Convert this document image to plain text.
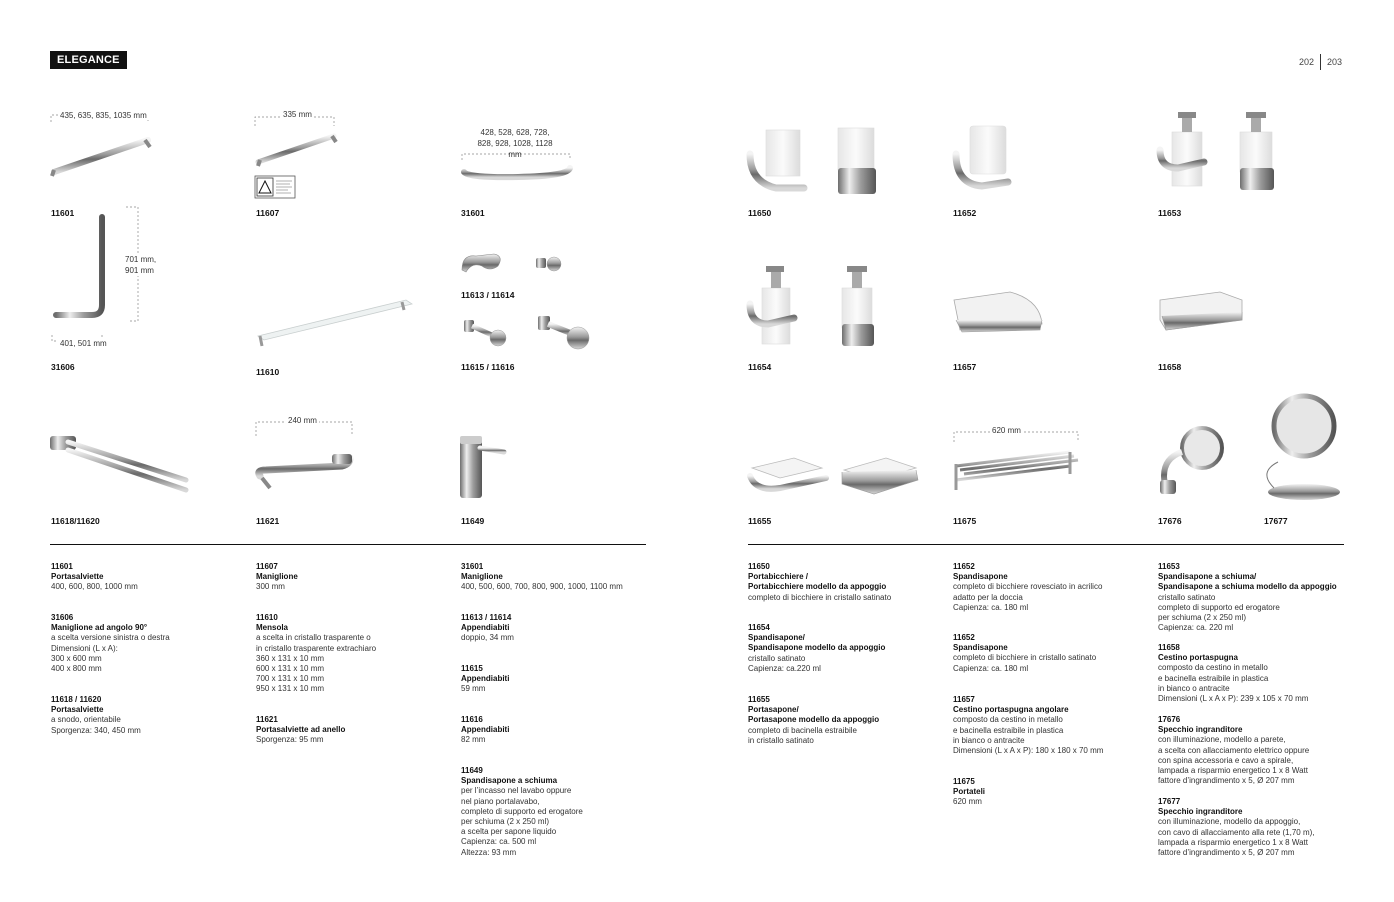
ELEGANCE	202 203
435, 635, 835, 1035 mm
11601
335 mm
11607
428, 528, 628, 728,
828, 928, 1028, 1128 mm
31601
701 mm,
901 mm
401, 501 mm
31606	11610
11613 / 11614
11615 / 11616
11618/11620
240 mm
11621	11649
11650	11652	11653
11654	11657	11658
11655
620 mm
11675	17676	17677
11601
Portasalviette
400, 600, 800, 1000 mm
31606
Maniglione ad angolo 90°
a scelta versione sinistra o destra
Dimensioni (L x A):
300 x 600 mm
400 x 800 mm
11618 / 11620
Portasalviette
a snodo, orientabile
Sporgenza: 340, 450 mm
11607
Maniglione
300 mm
11610
Mensola
a scelta in cristallo trasparente o
in cristallo trasparente extrachiaro
360 x 131 x 10 mm
600 x 131 x 10 mm
700 x 131 x 10 mm
950 x 131 x 10 mm
11621
Portasalviette ad anello
Sporgenza: 95 mm
31601
Maniglione
400, 500, 600, 700, 800, 900, 1000, 1100 mm
11613 / 11614
Appendiabiti
doppio, 34 mm
11615
Appendiabiti
59 mm
11616
Appendiabiti
82 mm
11649
Spandisapone a schiuma
per l’incasso nel lavabo oppure
nel piano portalavabo,
completo di supporto ed erogatore
per schiuma (2 x 250 ml)
a scelta per sapone liquido
Capienza: ca. 500 ml
Altezza: 93 mm
11650
Portabicchiere /
Portabicchiere modello da appoggio
completo di bicchiere in cristallo satinato
11654
Spandisapone/
Spandisapone modello da appoggio
cristallo satinato
Capienza: ca.220 ml
11655
Portasapone/
Portasapone modello da appoggio
completo di bacinella estraibile
in cristallo satinato
11652
Spandisapone
completo di bicchiere rovesciato in acrilico
adatto per la doccia
Capienza: ca. 180 ml
11652
Spandisapone
completo di bicchiere in cristallo satinato
Capienza: ca. 180 ml
11657
Cestino portaspugna angolare
composto da cestino in metallo
e bacinella estraibile in plastica
in bianco o antracite
Dimensioni (L x A x P): 180 x 180 x 70 mm
11675
Portateli
620 mm
11653
Spandisapone a schiuma/
Spandisapone a schiuma modello da appoggio
cristallo satinato
completo di supporto ed erogatore
per schiuma (2 x 250 ml)
Capienza: ca. 220 ml
11658
Cestino portaspugna
composto da cestino in metallo
e bacinella estraibile in plastica
in bianco o antracite
Dimensioni (L x A x P): 239 x 105 x 70 mm
17676
Specchio ingranditore
con illuminazione, modello a parete,
a scelta con allacciamento elettrico oppure
con spina accessoria e cavo a spirale,
lampada a risparmio energetico 1 x 8 Watt
fattore d’ingrandimento x 5, Ø 207 mm
17677
Specchio ingranditore
con illuminazione, modello da appoggio,
con cavo di allacciamento alla rete (1,70 m),
lampada a risparmio energetico 1 x 8 Watt
fattore d’ingrandimento x 5, Ø 207 mm
